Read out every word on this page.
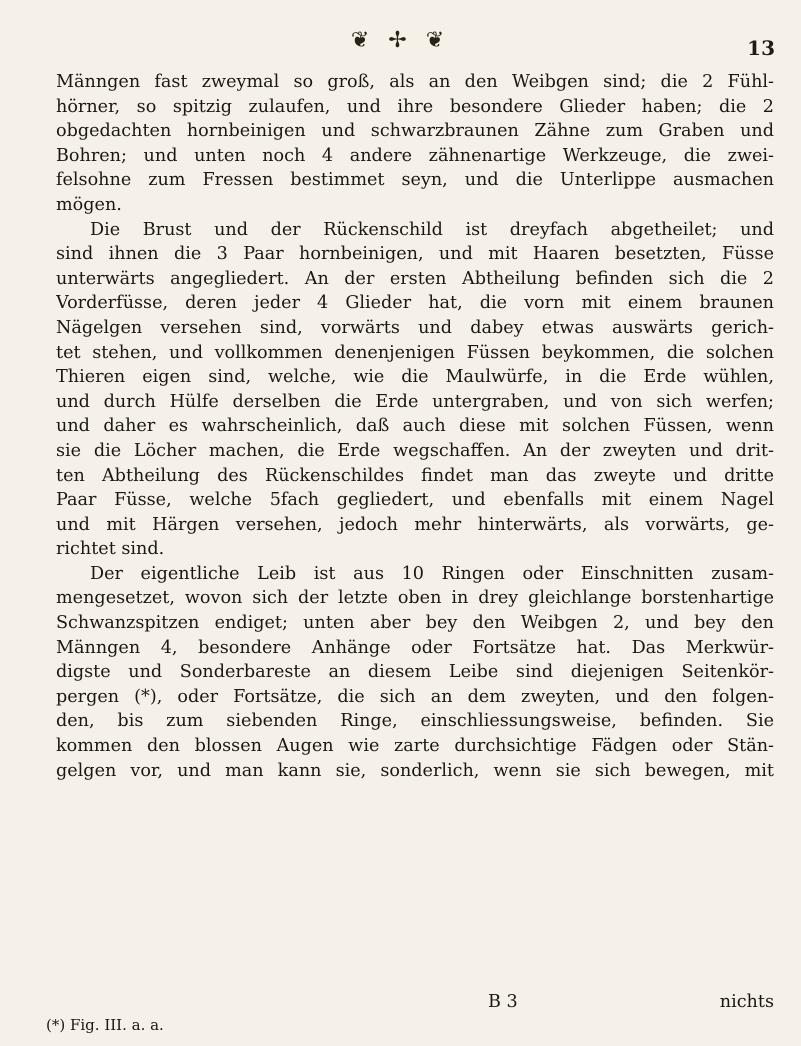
❦ ✢ ❦	13
Männgen fast zweymal so groß, als an den Weibgen sind; die 2 Fühl-
hörner, so spitzig zulaufen, und ihre besondere Glieder haben; die 2
obgedachten hornbeinigen und schwarzbraunen Zähne zum Graben und
Bohren; und unten noch 4 andere zähnenartige Werkzeuge, die zwei-
felsohne zum Fressen bestimmet seyn, und die Unterlippe ausmachen
mögen.
Die Brust und der Rückenschild ist dreyfach abgetheilet; und
sind ihnen die 3 Paar hornbeinigen, und mit Haaren besetzten, Füsse
unterwärts angegliedert. An der ersten Abtheilung befinden sich die 2
Vorderfüsse, deren jeder 4 Glieder hat, die vorn mit einem braunen
Nägelgen versehen sind, vorwärts und dabey etwas auswärts gerich-
tet stehen, und vollkommen denenjenigen Füssen beykommen, die solchen
Thieren eigen sind, welche, wie die Maulwürfe, in die Erde wühlen,
und durch Hülfe derselben die Erde untergraben, und von sich werfen;
und daher es wahrscheinlich, daß auch diese mit solchen Füssen, wenn
sie die Löcher machen, die Erde wegschaffen. An der zweyten und drit-
ten Abtheilung des Rückenschildes findet man das zweyte und dritte
Paar Füsse, welche 5fach gegliedert, und ebenfalls mit einem Nagel
und mit Härgen versehen, jedoch mehr hinterwärts, als vorwärts, ge-
richtet sind.
Der eigentliche Leib ist aus 10 Ringen oder Einschnitten zusam-
mengesetzet, wovon sich der letzte oben in drey gleichlange borstenhartige
Schwanzspitzen endiget; unten aber bey den Weibgen 2, und bey den
Männgen 4, besondere Anhänge oder Fortsätze hat. Das Merkwür-
digste und Sonderbareste an diesem Leibe sind diejenigen Seitenkör-
pergen (*), oder Fortsätze, die sich an dem zweyten, und den folgen-
den, bis zum siebenden Ringe, einschliessungsweise, befinden. Sie
kommen den blossen Augen wie zarte durchsichtige Fädgen oder Stän-
gelgen vor, und man kann sie, sonderlich, wenn sie sich bewegen, mit
B 3	nichts
(*) Fig. III. a. a.
